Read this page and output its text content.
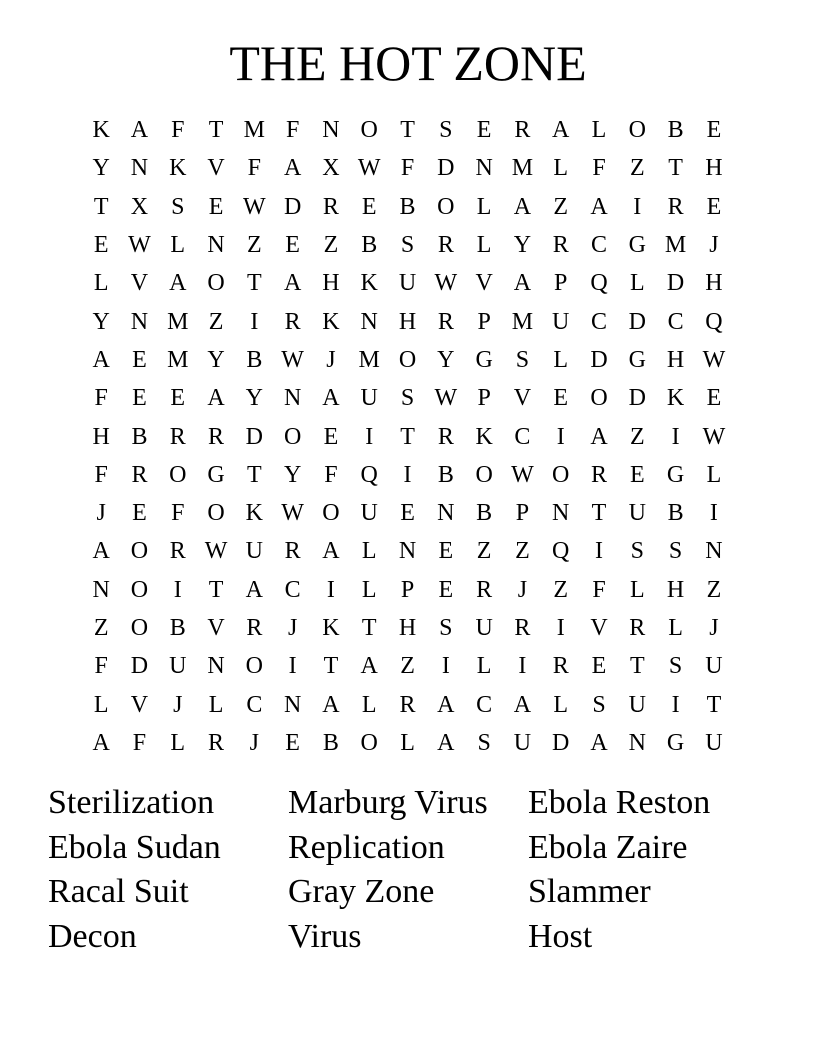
THE HOT ZONE
K A F	T M F N O T	S	E R A L O B E
Y N K V F A X W F D N M L	F	Z T H
T X S	E W D R E B O L A Z A	I	R E
E W L N Z E Z B S R L Y R C G M J
L V A O T A H K U W V A P Q L D H
Y N M Z	I	R K N H R P M U C D C Q
A E M Y B W J M O Y G S	L D G H W
F	E E A Y N A U S W P V E O D K E
H B R R D O E	I	T R K C	I	A Z	I W
F R O G T Y F Q	I	B O W O R E G L
J	E	F O K W O U E N B P N T U B	I
A O R W U R A L N E Z Z Q	I	S	S N
N O	I	T A C	I	L	P	E R	J	Z	F	L H Z
Z O B V R	J	K T H S U R	I	V R L	J
F D U N O	I	T A Z	I	L	I	R E T	S U
L V	J	L C N A L R A C A L	S U	I	T
A F	L R	J	E B O L A S U D A N G U
Sterilization	Marburg Virus	Ebola Reston
Ebola Sudan	Replication	Ebola Zaire
Racal Suit	Gray Zone	Slammer
Decon	Virus	Host
